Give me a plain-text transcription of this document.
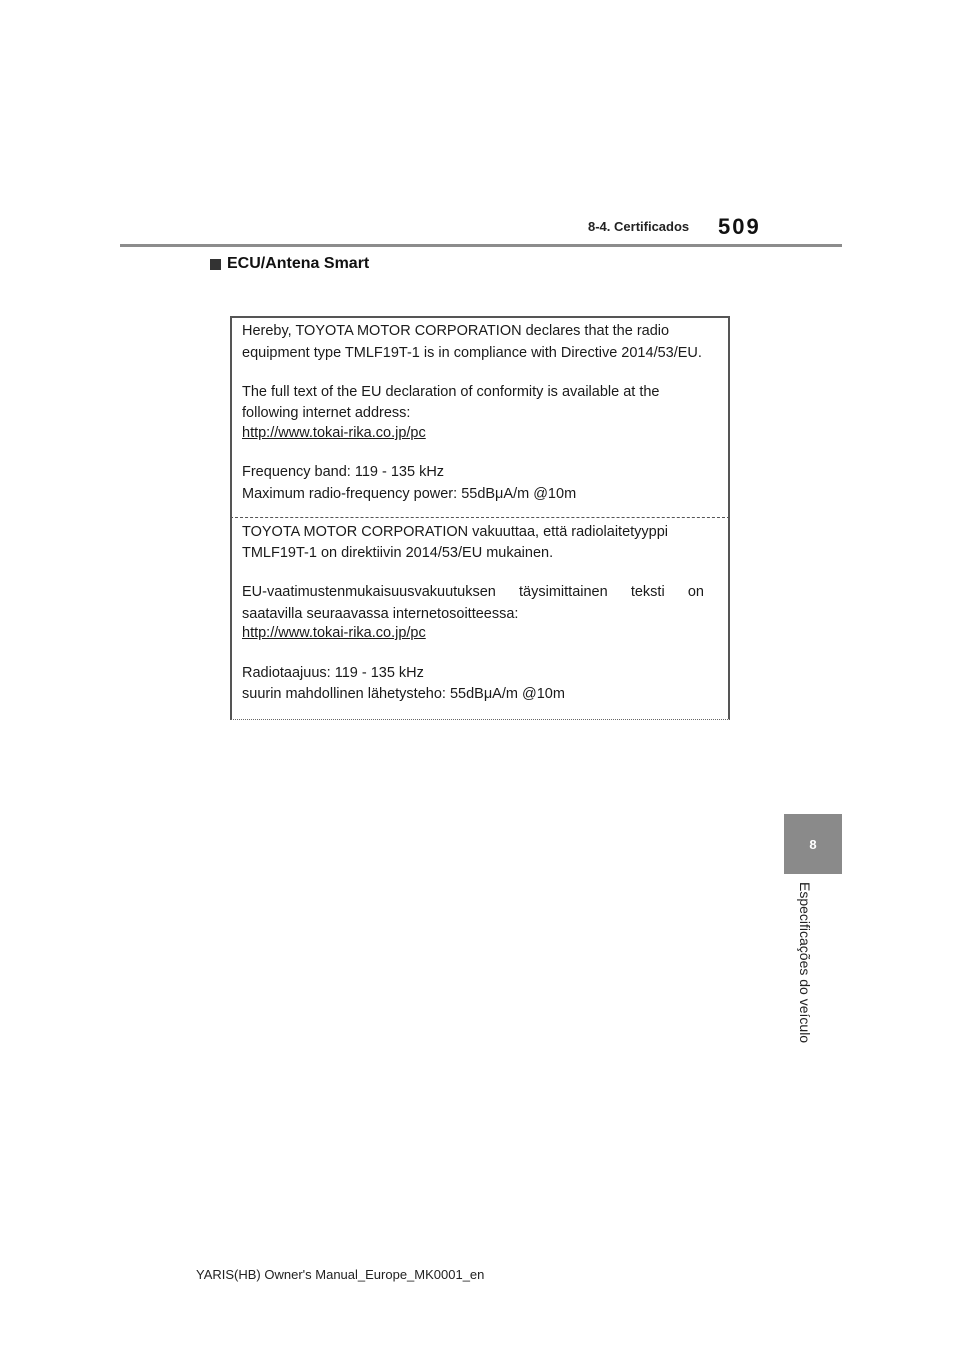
8-4. Certificados 509
ECU/Antena Smart
8
Especificações do veículo
Hereby, TOYOTA MOTOR CORPORATION declares that the radio
equipment type TMLF19T-1 is in compliance with Directive 2014/53/EU.
The full text of the EU declaration of conformity is available at the
following internet address:
http://www.tokai-rika.co.jp/pc
Frequency band: 119 - 135 kHz
Maximum radio-frequency power: 55dBμA/m @10m
TOYOTA MOTOR CORPORATION vakuuttaa, että radiolaitetyyppi
TMLF19T-1 on direktiivin 2014/53/EU mukainen.
EU-vaatimustenmukaisuusvakuutuksen täysimittainen teksti on
saatavilla seuraavassa internetosoitteessa:
http://www.tokai-rika.co.jp/pc
Radiotaajuus: 119 - 135 kHz
suurin mahdollinen lähetysteho: 55dBμA/m @10m
YARIS(HB) Owner's Manual_Europe_MK0001_en
